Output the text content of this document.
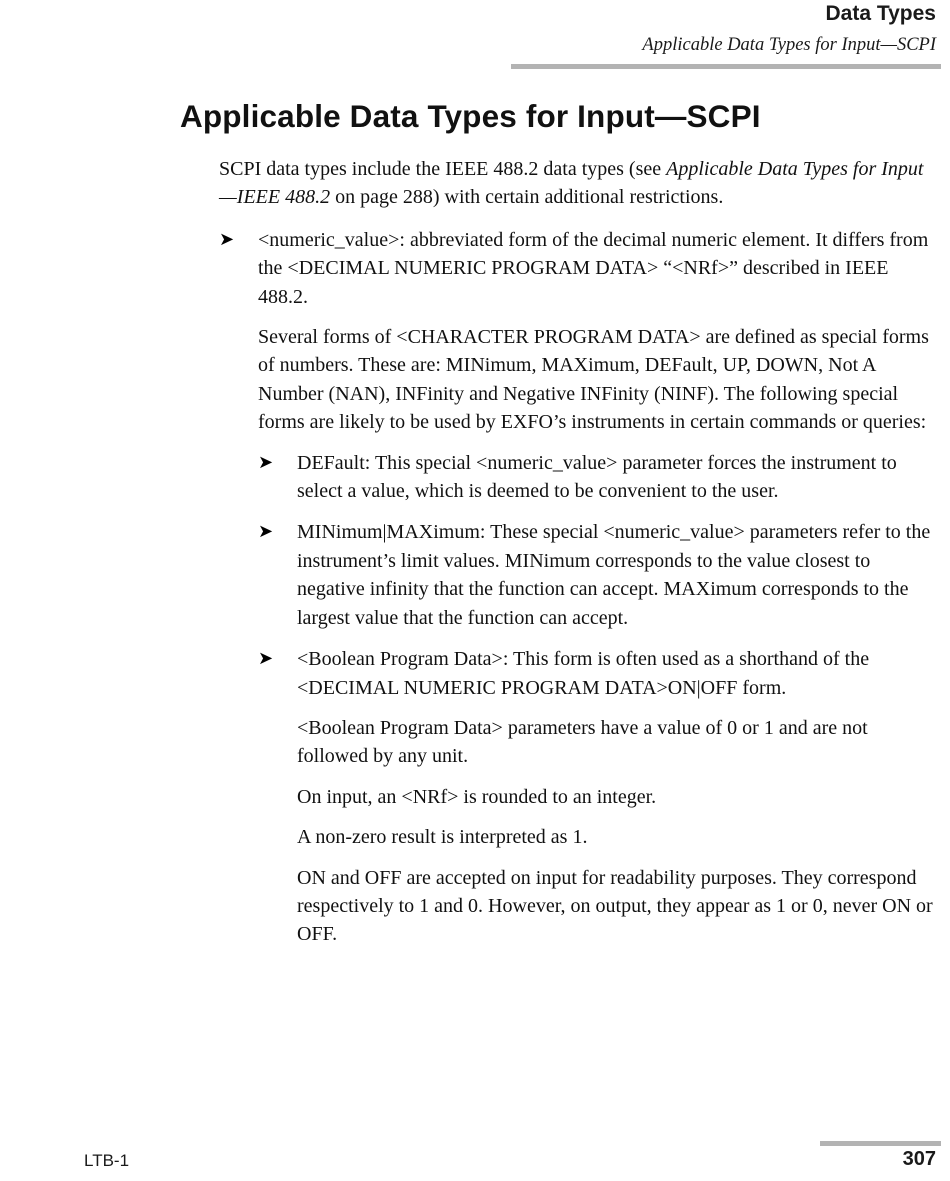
Data Types
Applicable Data Types for Input—SCPI
Applicable Data Types for Input—SCPI

SCPI data types include the IEEE 488.2 data types (see Applicable Data Types for Input—IEEE 488.2 on page 288) with certain additional restrictions.

➤ <numeric_value>: abbreviated form of the decimal numeric element. It differs from the <DECIMAL NUMERIC PROGRAM DATA> “<NRf>” described in IEEE 488.2.

Several forms of <CHARACTER PROGRAM DATA> are defined as special forms of numbers. These are: MINimum, MAXimum, DEFault, UP, DOWN, Not A Number (NAN), INFinity and Negative INFinity (NINF). The following special forms are likely to be used by EXFO’s instruments in certain commands or queries:

➤ DEFault: This special <numeric_value> parameter forces the instrument to select a value, which is deemed to be convenient to the user.

➤ MINimum|MAXimum: These special <numeric_value> parameters refer to the instrument’s limit values. MINimum corresponds to the value closest to negative infinity that the function can accept. MAXimum corresponds to the largest value that the function can accept.

➤ <Boolean Program Data>: This form is often used as a shorthand of the <DECIMAL NUMERIC PROGRAM DATA>ON|OFF form.

<Boolean Program Data> parameters have a value of 0 or 1 and are not followed by any unit.

On input, an <NRf> is rounded to an integer.

A non-zero result is interpreted as 1.

ON and OFF are accepted on input for readability purposes. They correspond respectively to 1 and 0. However, on output, they appear as 1 or 0, never ON or OFF.

LTB-1	307
